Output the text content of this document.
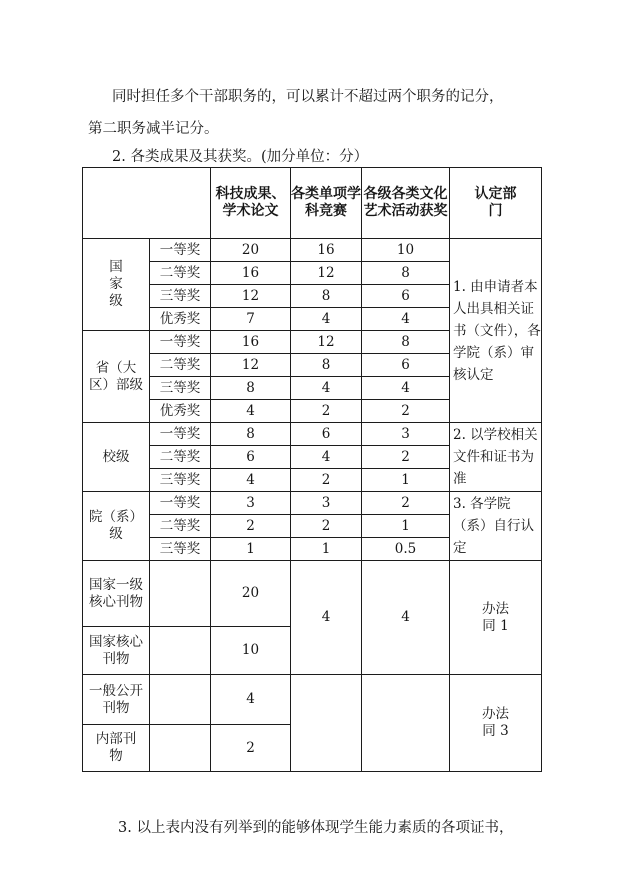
同时担任多个干部职务的，可以累计不超过两个职务的记分，
第二职务减半记分。
2. 各类成果及其获奖。(加分单位：分）
		科技成果、学术论文	各类单项学科竞赛	各级各类文化艺术活动获奖	认定部门
国家级	一等奖	20	16	10	1. 由申请者本人出具相关证书（文件），各学院（系）审核认定
	二等奖	16	12	8	
	三等奖	12	8	6	
	优秀奖	7	4	4	
省（大区）部级	一等奖	16	12	8	
	二等奖	12	8	6	
	三等奖	8	4	4	
	优秀奖	4	2	2	
校级	一等奖	8	6	3	2. 以学校相关文件和证书为准
	二等奖	6	4	2	
	三等奖	4	2	1	
院（系）级	一等奖	3	3	2	3. 各学院（系）自行认定
	二等奖	2	2	1	
	三等奖	1	1	0.5	
国家一级核心刊物		20	4	4	办法同 1
国家核心刊物		10			
一般公开刊物		4			办法同 3
内部刊物		2			
3. 以上表内没有列举到的能够体现学生能力素质的各项证书，
